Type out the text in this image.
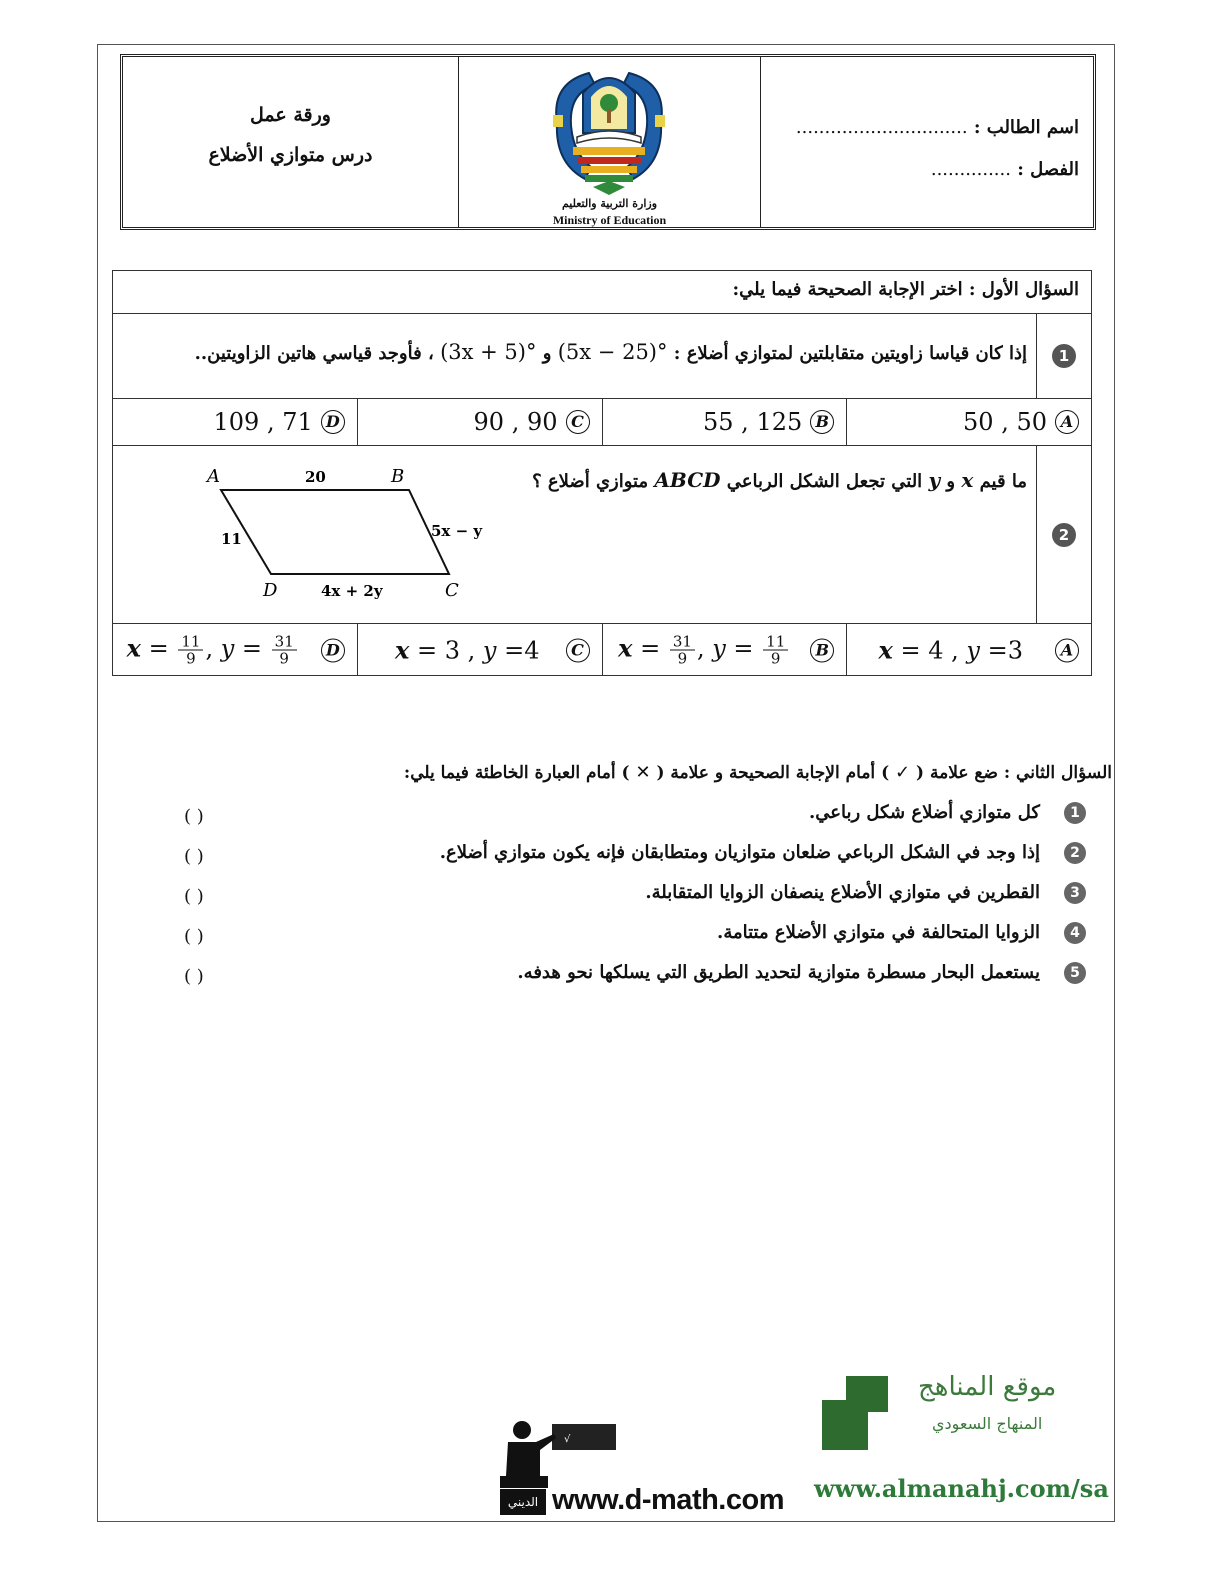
ورقة عمل
درس متوازي الأضلاع
وزارة التربية والتعليم
Ministry of Education
اسم الطالب : ..............................
الفصل : ..............
السؤال الأول : اختر الإجابة الصحيحة فيما يلي:
1
إذا كان قياسا زاويتين متقابلتين لمتوازي أضلاع : (5x − 25)° و (3x + 5)° ، فأوجد قياسي هاتين الزاويتين..
109 , 71 D	90 , 90 C	55 , 125 B	50 , 50 A
2
ما قيم x و y التي تجعل الشكل الرباعي ABCD متوازي أضلاع ؟
A	B
C
D
20
11	5x − y
4x + 2y
$x = \frac{11}{9}$ , $y = \frac{31}{9}$	D x = 3 , y =4	C $x = \frac{31}{9}$ , $y = \frac{11}{9}$	B x = 4 , y =3	A
السؤال الثاني : ضع علامة ( ✓ ) أمام الإجابة الصحيحة و علامة ( ✕ ) أمام العبارة الخاطئة فيما يلي:
1
كل متوازي أضلاع شكل رباعي.
( )
2
إذا وجد في الشكل الرباعي ضلعان متوازيان ومتطابقان فإنه يكون متوازي أضلاع.
( )
3
القطرين في متوازي الأضلاع ينصفان الزوايا المتقابلة.
( )
4
الزوايا المتحالفة في متوازي الأضلاع متتامة.
( )
5
يستعمل البحار مسطرة متوازية لتحديد الطريق التي يسلكها نحو هدفه.
( )
موقع المناهج
المنهاج السعودي
www.almanahj.com/sa
√
الديني www.d-math.com
